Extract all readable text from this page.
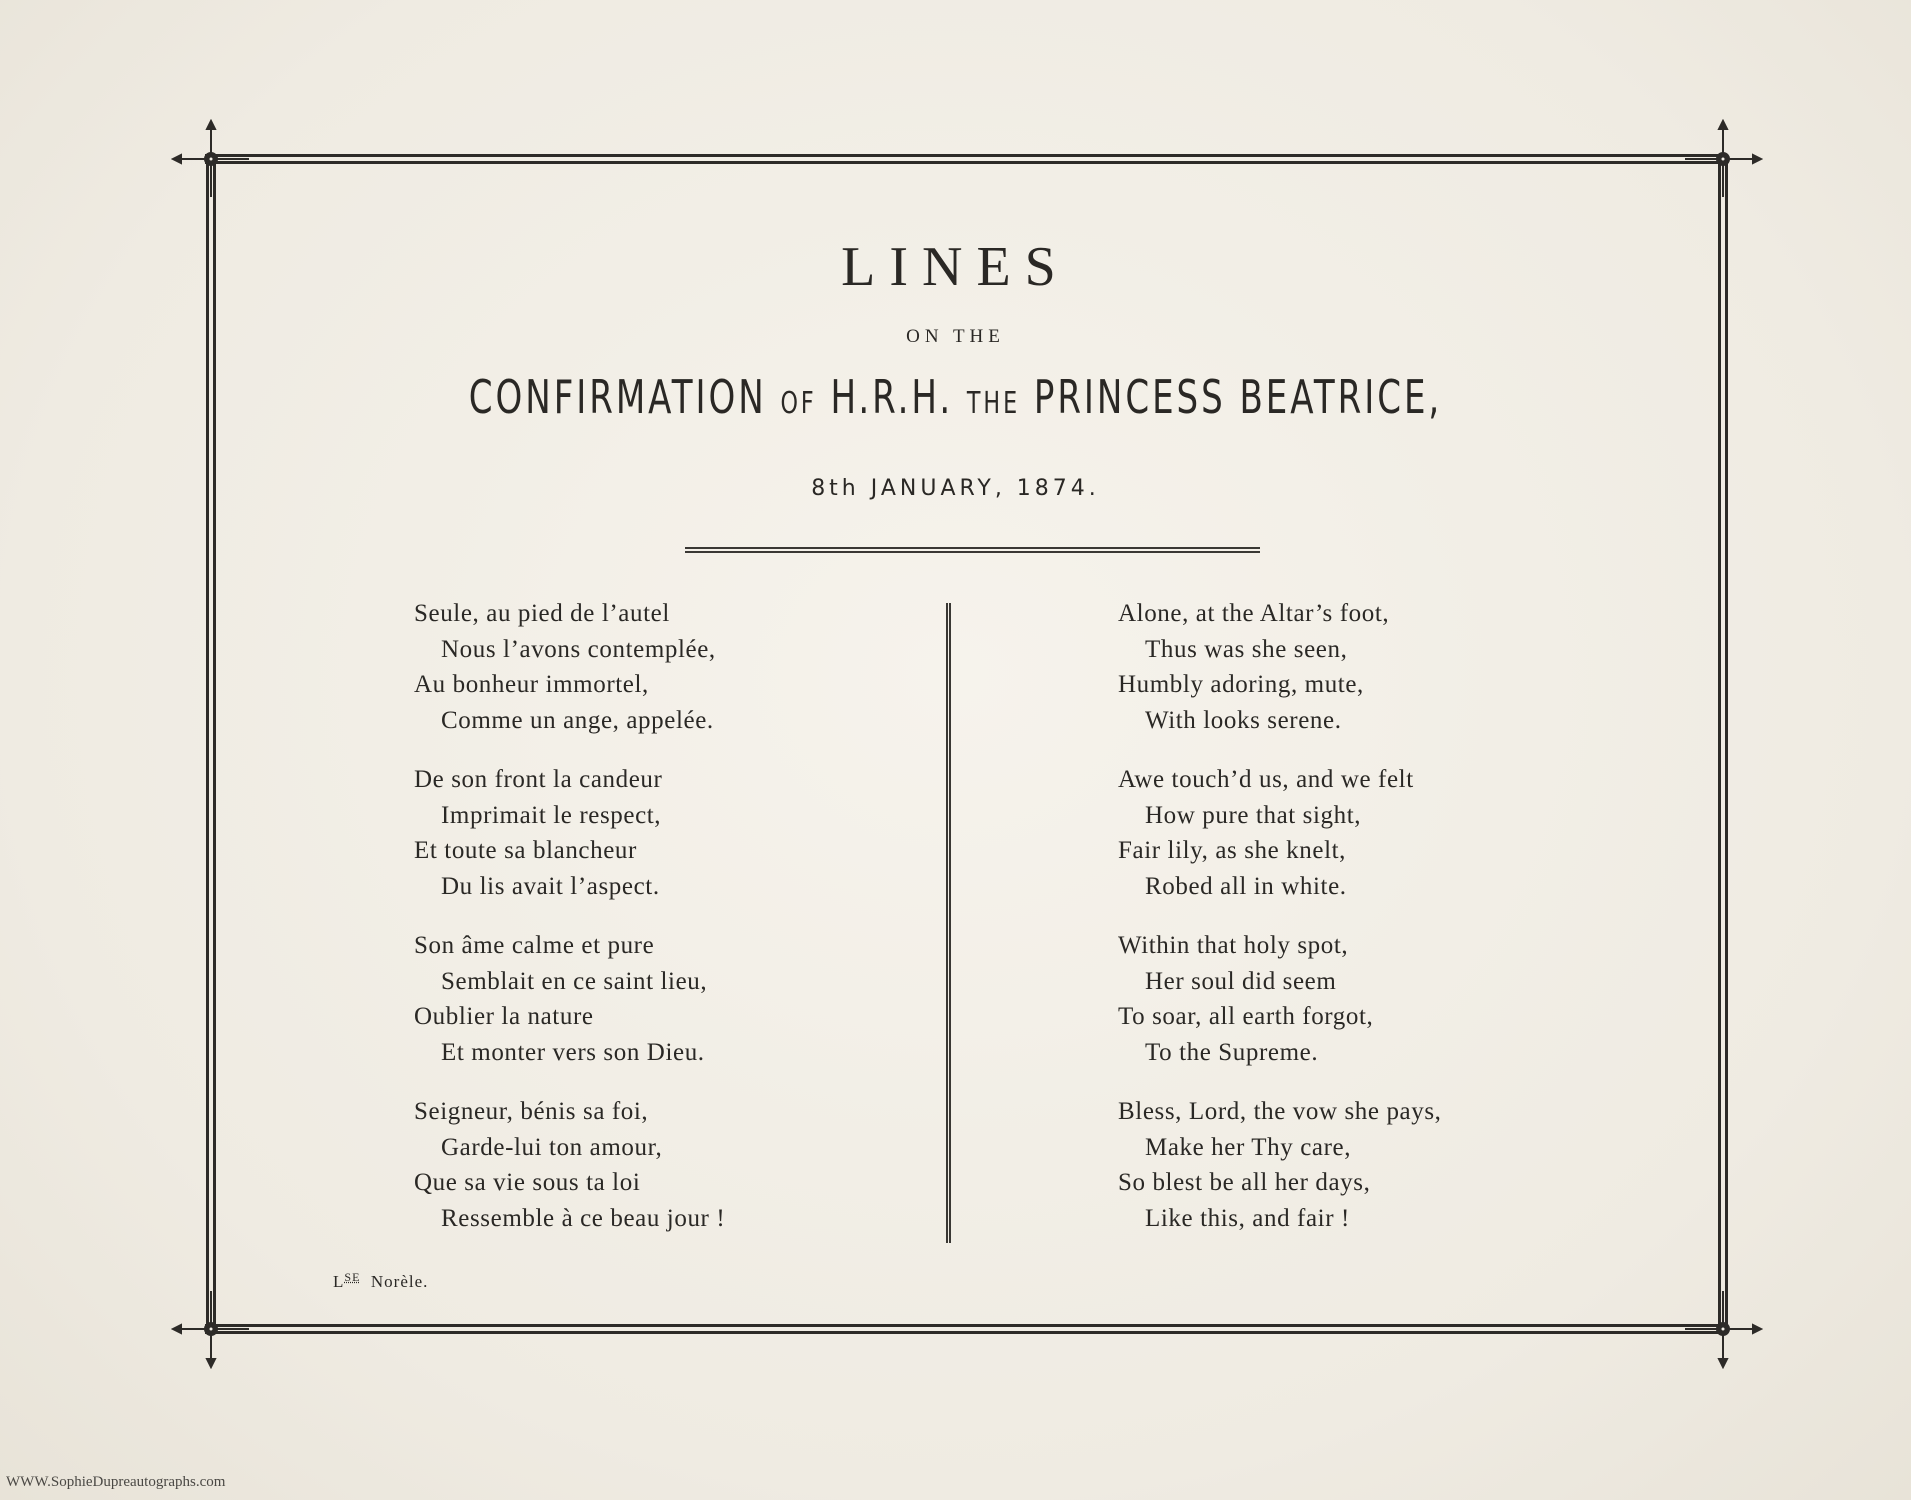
LINES
ON THE
CONFIRMATION OF H.R.H. THE PRINCESS BEATRICE,
8th JANUARY, 1874.
Seule, au pied de l’autel
Nous l’avons contemplée,
Au bonheur immortel,
Comme un ange, appelée.
De son front la candeur
Imprimait le respect,
Et toute sa blancheur
Du lis avait l’aspect.
Son âme calme et pure
Semblait en ce saint lieu,
Oublier la nature
Et monter vers son Dieu.
Seigneur, bénis sa foi,
Garde-lui ton amour,
Que sa vie sous ta loi
Ressemble à ce beau jour !
Alone, at the Altar’s foot,
Thus was she seen,
Humbly adoring, mute,
With looks serene.
Awe touch’d us, and we felt
How pure that sight,
Fair lily, as she knelt,
Robed all in white.
Within that holy spot,
Her soul did seem
To soar, all earth forgot,
To the Supreme.
Bless, Lord, the vow she pays,
Make her Thy care,
So blest be all her days,
Like this, and fair !
$L^{SE}$ Norèle.
WWW.SophieDupreautographs.com
